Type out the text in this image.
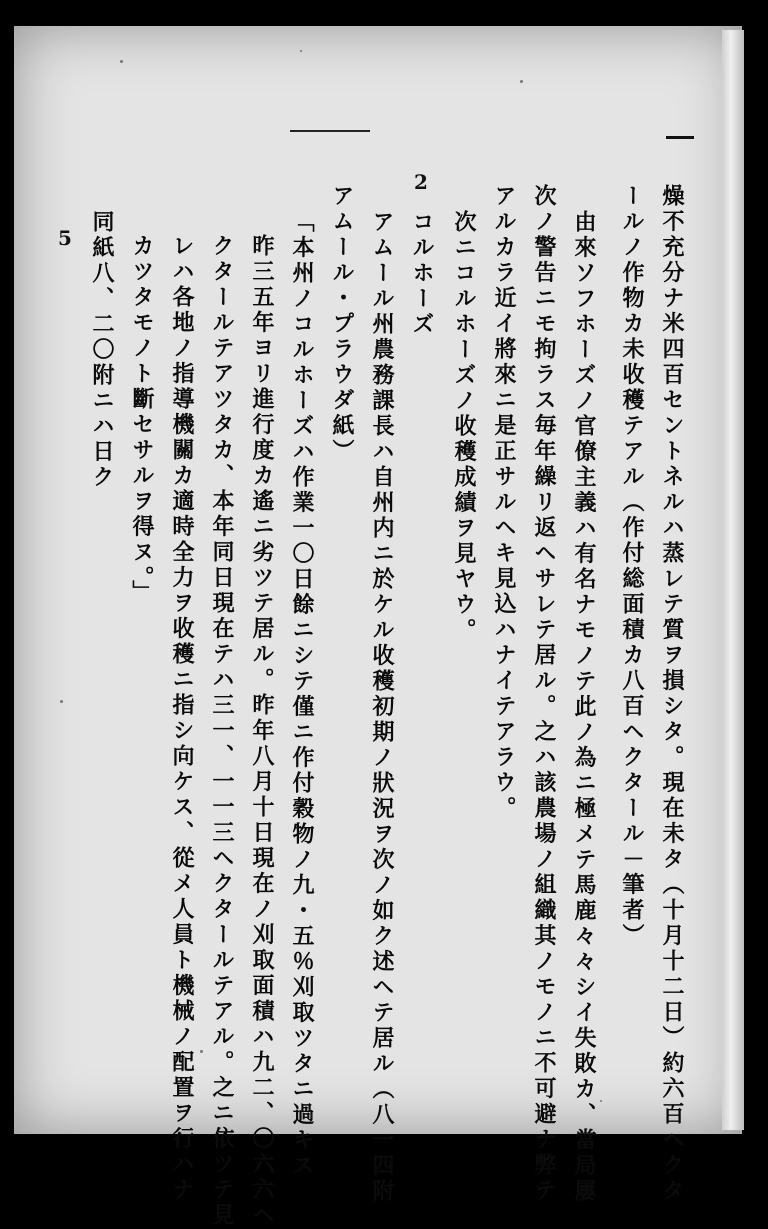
2
5	燥不充分ナ米四百セントネルハ蒸レテ質ヲ損シタ。現在未タ（十月十二日）約六百ヘクタ
ールノ作物カ未收穫テアル（作付総面積カ八百ヘクタール－筆者）
由來ソフホーズノ官僚主義ハ有名ナモノテ此ノ為ニ極メテ馬鹿々々シイ失敗カ、當局屢
次ノ警告ニモ拘ラス毎年繰リ返ヘサレテ居ル。之ハ該農場ノ組織其ノモノニ不可避ナ弊テ
アルカラ近イ將來ニ是正サルヘキ見込ハナイテアラウ。
次ニコルホーズノ收穫成績ヲ見ヤウ。
コルホーズ
アムール州農務課長ハ自州内ニ於ケル收穫初期ノ狀況ヲ次ノ如ク述ヘテ居ル（八一四附
アムール・プラウダ紙）
「本州ノコルホーズハ作業一〇日餘ニシテ僅ニ作付穀物ノ九・五％刈取ツタニ過キス
昨三五年ヨリ進行度カ遙ニ劣ツテ居ル。昨年八月十日現在ノ刈取面積ハ九二、〇六六ヘ
クタールテアツタカ、本年同日現在テハ三一、一一三ヘクタールテアル。之ニ依ツテ見
レハ各地ノ指導機關カ適時全力ヲ收穫ニ指シ向ケス、從メ人員ト機械ノ配置ヲ行ハナ
カツタモノト斷セサルヲ得ヌ。」
同紙八、二〇附ニハ日ク
